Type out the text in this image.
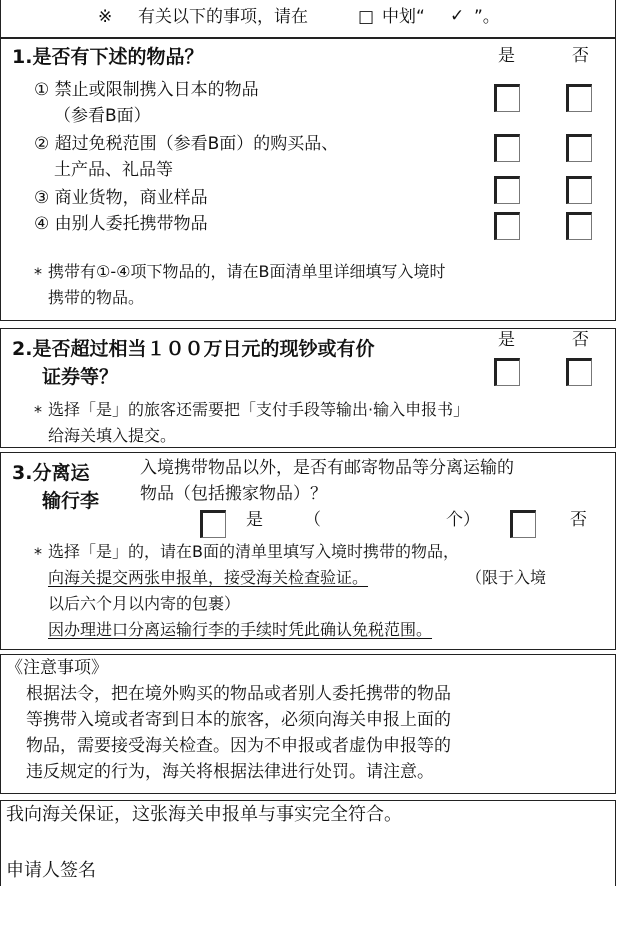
※ 有关以下的事项，请在	□ 中划“ ✓ ”。
1.是否有下述的物品？	是	否
① 禁止或限制携入日本的物品
（参看B面）
② 超过免税范围（参看B面）的购买品、
土产品、礼品等
③ 商业货物，商业样品
④ 由别人委托携带物品
* 携带有①-④项下物品的，请在B面清单里详细填写入境时
携带的物品。
2.是否超过相当１００万日元的现钞或有价
证券等？
是	否
* 选择「是」的旅客还需要把「支付手段等输出·输入申报书」
给海关填入提交。
3.分离运
输行李
入境携带物品以外，是否有邮寄物品等分离运输的
物品（包括搬家物品）？
是 （	个）	否
* 选择「是」的，请在B面的清单里填写入境时携带的物品，
向海关提交两张申报单，接受海关检查验证。	（限于入境
以后六个月以内寄的包裹）
因办理进口分离运输行李的手续时凭此确认免税范围。
《注意事项》
根据法令，把在境外购买的物品或者别人委托携带的物品
等携带入境或者寄到日本的旅客，必须向海关申报上面的
物品，需要接受海关检查。因为不申报或者虚伪申报等的
违反规定的行为，海关将根据法律进行处罚。请注意。
我向海关保证，这张海关申报单与事实完全符合。
申请人签名
